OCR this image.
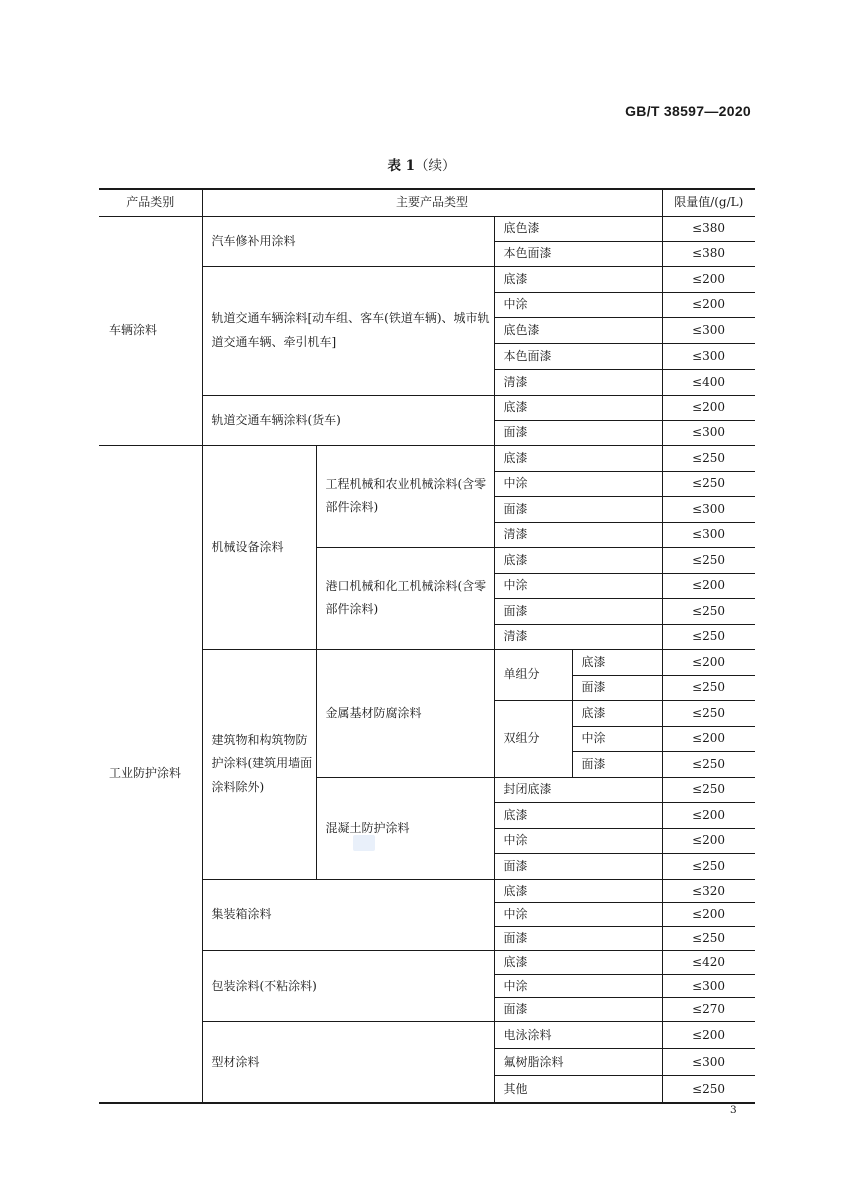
GB/T 38597—2020
表 1（续）
产品类别	主要产品类型				限量值/(g/L)
车辆涂料	汽车修补用涂料		底色漆		≤380
			本色面漆		≤380
	轨道交通车辆涂料[动车组、客车(铁道车辆)、城市轨道交通车辆、牵引机车]		底漆		≤200
			中涂		≤200
			底色漆		≤300
			本色面漆		≤300
			清漆		≤400
	轨道交通车辆涂料(货车)		底漆		≤200
			面漆		≤300
工业防护涂料	机械设备涂料	工程机械和农业机械涂料(含零部件涂料)	底漆		≤250
			中涂		≤250
			面漆		≤300
			清漆		≤300
		港口机械和化工机械涂料(含零部件涂料)	底漆		≤250
			中涂		≤200
			面漆		≤250
			清漆		≤250
	建筑物和构筑物防护涂料(建筑用墙面涂料除外)	金属基材防腐涂料	单组分	底漆	≤200
				面漆	≤250
			双组分	底漆	≤250
				中涂	≤200
				面漆	≤250
		混凝土防护涂料	封闭底漆		≤250
			底漆		≤200
			中涂		≤200
			面漆		≤250
	集装箱涂料		底漆		≤320
			中涂		≤200
			面漆		≤250
	包装涂料(不粘涂料)		底漆		≤420
			中涂		≤300
			面漆		≤270
	型材涂料		电泳涂料		≤200
			氟树脂涂料		≤300
			其他		≤250
3
